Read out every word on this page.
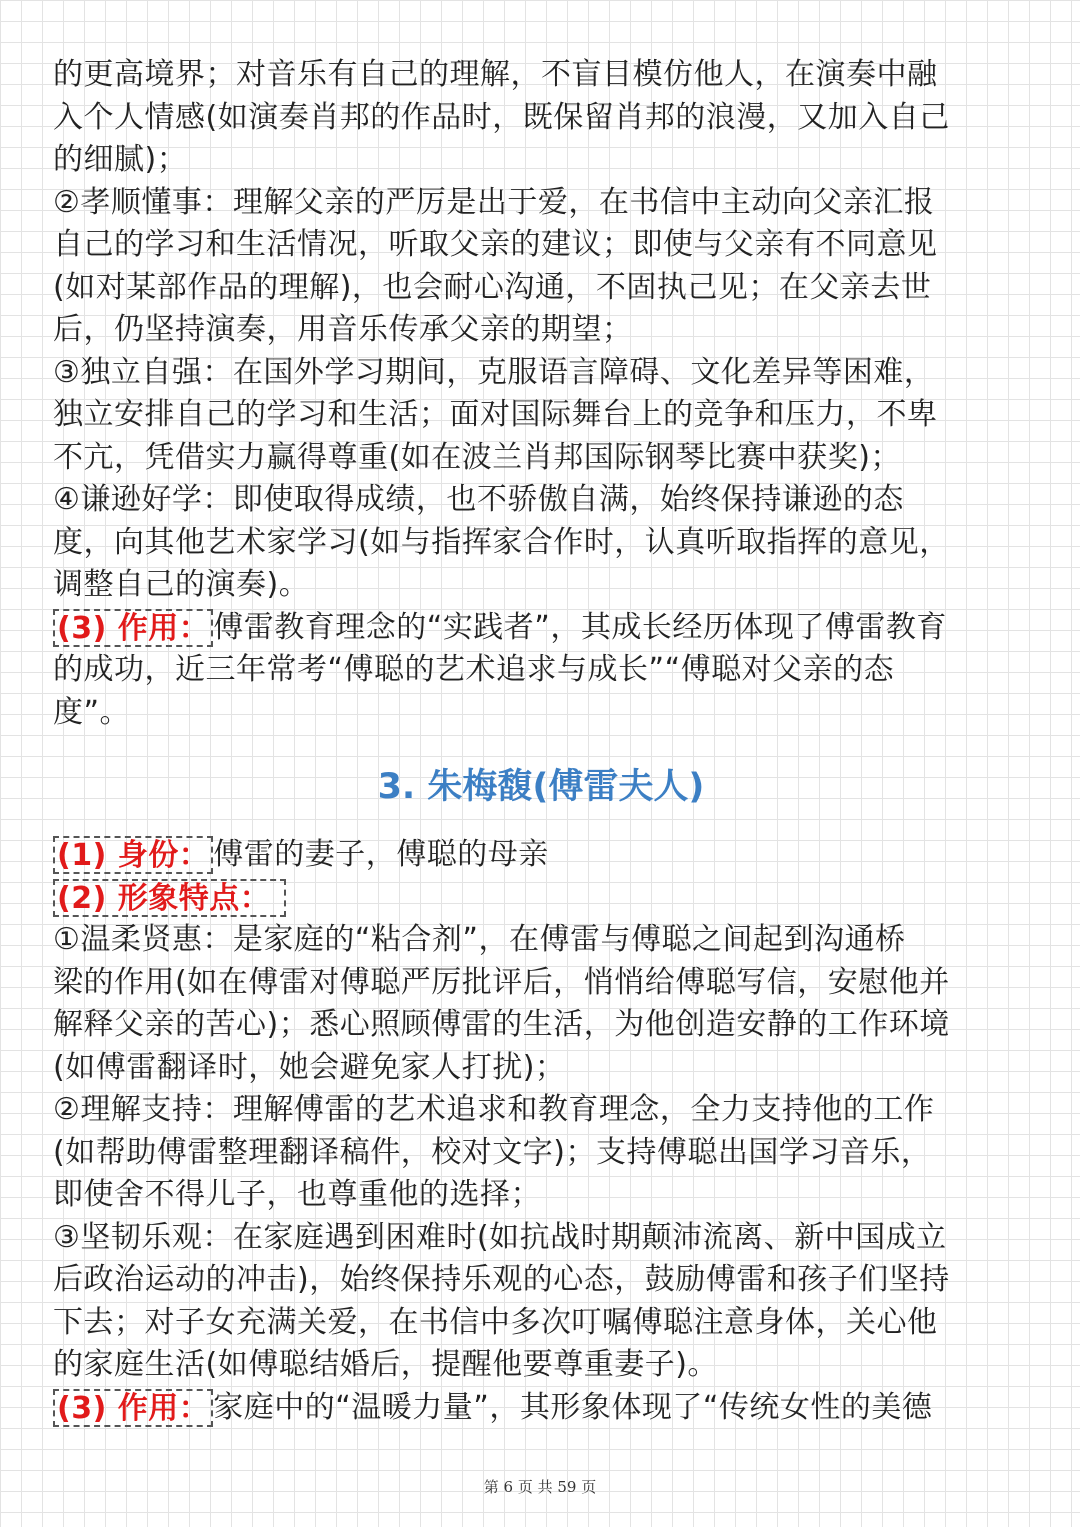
的更高境界；对音乐有自己的理解，不盲目模仿他人，在演奏中融
入个人情感(如演奏肖邦的作品时，既保留肖邦的浪漫，又加入自己
的细腻)；
②孝顺懂事：理解父亲的严厉是出于爱，在书信中主动向父亲汇报
自己的学习和生活情况，听取父亲的建议；即使与父亲有不同意见
(如对某部作品的理解)，也会耐心沟通，不固执己见；在父亲去世
后，仍坚持演奏，用音乐传承父亲的期望；
③独立自强：在国外学习期间，克服语言障碍、文化差异等困难，
独立安排自己的学习和生活；面对国际舞台上的竞争和压力，不卑
不亢，凭借实力赢得尊重(如在波兰肖邦国际钢琴比赛中获奖)；
④谦逊好学：即使取得成绩，也不骄傲自满，始终保持谦逊的态
度，向其他艺术家学习(如与指挥家合作时，认真听取指挥的意见，
调整自己的演奏)。
(3) 作用： 傅雷教育理念的“实践者”，其成长经历体现了傅雷教育
的成功，近三年常考“傅聪的艺术追求与成长”“傅聪对父亲的态
度”。
3. 朱梅馥(傅雷夫人)
(1) 身份： 傅雷的妻子，傅聪的母亲
(2) 形象特点：
①温柔贤惠：是家庭的“粘合剂”，在傅雷与傅聪之间起到沟通桥
梁的作用(如在傅雷对傅聪严厉批评后，悄悄给傅聪写信，安慰他并
解释父亲的苦心)；悉心照顾傅雷的生活，为他创造安静的工作环境
(如傅雷翻译时，她会避免家人打扰)；
②理解支持：理解傅雷的艺术追求和教育理念，全力支持他的工作
(如帮助傅雷整理翻译稿件，校对文字)；支持傅聪出国学习音乐，
即使舍不得儿子，也尊重他的选择；
③坚韧乐观：在家庭遇到困难时(如抗战时期颠沛流离、新中国成立
后政治运动的冲击)，始终保持乐观的心态，鼓励傅雷和孩子们坚持
下去；对子女充满关爱，在书信中多次叮嘱傅聪注意身体，关心他
的家庭生活(如傅聪结婚后，提醒他要尊重妻子)。
(3) 作用： 家庭中的“温暖力量”，其形象体现了“传统女性的美德
第 6 页 共 59 页
